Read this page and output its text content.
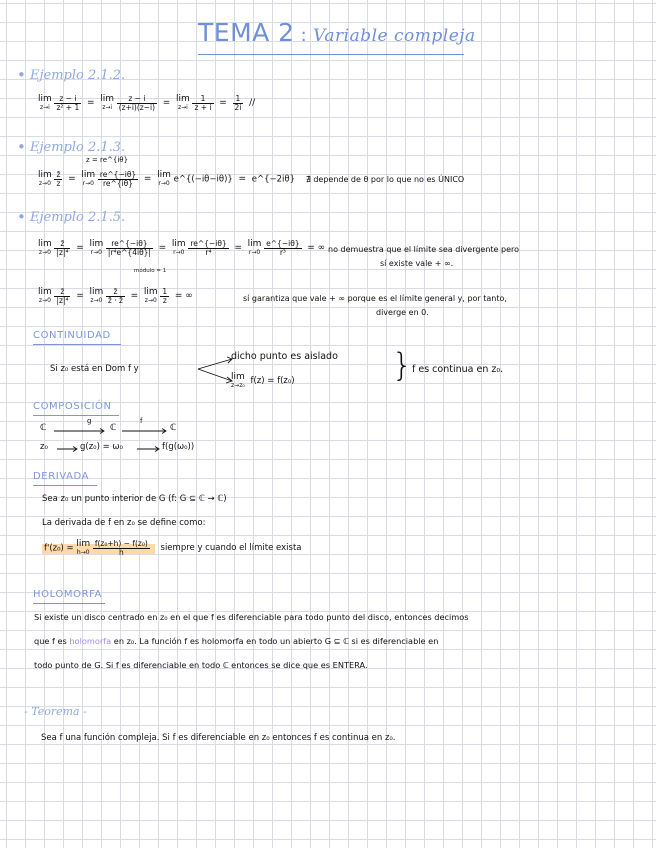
TEMA 2 : Variable compleja
• Ejemplo 2.1.2.
lim
z→i
$\frac{z - i}{\text{z² + 1}} = \lim$
z→i
$\frac{z - i}{(z+i)(z-i)} = \lim$
z→i
$\frac{1}{z + i} = \frac{1}{2i}$ //
• Ejemplo 2.1.3.
z = re^{iθ}
lim
z→0
$\frac{z̄}{z} = \lim$
r→0
$\frac{re\^{}\{-i\theta\}}{re\^{}\{i\theta\}} = \lim$
r→0 e^{(−iθ−iθ)} = e^{−2iθ} ∄ depende de θ por lo que no es ÚNICO
• Ejemplo 2.1.5.
lim
z→0
$\frac{z̄}{\text{|z|⁴}} = \lim$
r→0
$\frac{re\^{}\{-i\theta\}}{\text{|r⁴e\textasciicircum{}\{4iθ\}|}} = \lim$
r→0
$\frac{re\^{}\{-i\theta\}}{\text{r⁴}} = \lim$
r→0
$\frac{e\^{}\{-i\theta\}}{\text{r³}}$ = ∞
módulo = 1
no demuestra que el límite sea divergente pero
sí existe vale + ∞.
lim
z→0
$\frac{z̄}{\text{|z|⁴}} = \lim$
z→0
$\frac{z̄}{z̄ \cdot z̄} = \lim$
z→0
$\frac{1}{z}$ = ∞	sí garantiza que vale + ∞ porque es el límite general y, por tanto,
diverge en 0.
CONTINUIDAD
Si z₀ está en Dom f y
dicho punto es aislado
lim
z→z₀ f(z) = f(z₀)	} f es continua en z₀.
COMPOSICIÓN
ℂ
g
ℂ
f
ℂ
z₀	g(z₀) = ω₀	f(g(ω₀))
DERIVADA
Sea z₀ un punto interior de G (f: G ⊆ ℂ → ℂ)
La derivada de f en z₀ se define como:
f'(z₀) = lim
h→0
$\frac{\text{f(z₀+h) − f(z₀)}}{h}$ siempre y cuando el límite exista
HOLOMORFA
Si existe un disco centrado en z₀ en el que f es diferenciable para todo punto del disco, entonces decimos
que f es holomorfa en z₀. La función f es holomorfa en todo un abierto G ⊆ ℂ si es diferenciable en
todo punto de G. Si f es diferenciable en todo ℂ entonces se dice que es ENTERA.
- Teorema -
Sea f una función compleja. Si f es diferenciable en z₀ entonces f es continua en z₀.
